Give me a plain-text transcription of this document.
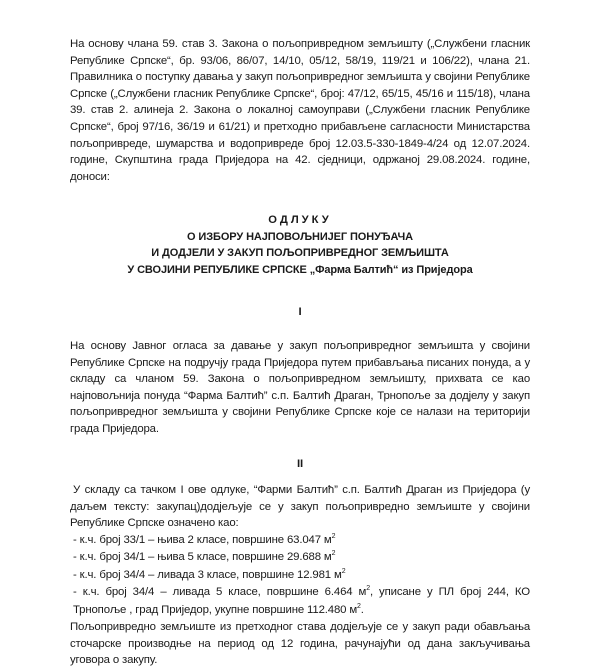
На основу члана 59. став 3. Закона о пољопривредном земљишту („Службени гласник Републике Српске“, бр. 93/06, 86/07, 14/10, 05/12, 58/19, 119/21 и 106/22), члана 21. Правилника о поступку давања у закуп пољопривредног земљишта у својини Републике Српске („Службени гласник Републике Српске“, број: 47/12, 65/15, 45/16 и 115/18), члана 39. став 2. алинеја 2. Закона о локалној самоуправи („Службени гласник Републике Српске“, број 97/16, 36/19 и 61/21) и претходно прибављене сагласности Министарства пољопривреде, шумарства и водопривреде број 12.03.5-330-1849-4/24 од 12.07.2024. године, Скупштина града Приједора на 42. сједници, одржаној 29.08.2024. године, доноси:

ОДЛУКУ
О ИЗБОРУ НАЈПОВОЉНИЈЕГ ПОНУЂАЧА
И ДОДЈЕЛИ У ЗАКУП ПОЉОПРИВРЕДНОГ ЗЕМЉИШТА
У СВОЈИНИ РЕПУБЛИКЕ СРПСКЕ „Фарма Балтић“ из Приједора

I

На основу Јавног огласа за давање у закуп пољопривредног земљишта у својини Републике Српске на подручју града Приједора путем прибављања писаних понуда, а у складу са чланом 59. Закона о пољопривредном земљишту, прихвата се као најповољнија понуда “Фарма Балтић” с.п. Балтић Драган, Трнопоље за додјелу у закуп пољопривредног земљишта у својини Републике Српске које се налази на територији града Приједора.

II

У складу са тачком I ове одлуке, “Фарми Балтић” с.п. Балтић Драган из Приједора (у даљем тексту: закупац)додјељује се у закуп пољопривредно земљиште у својини Републике Српске означено као:

- к.ч. број 33/1 – њива 2 класе, површине 63.047 $м^2$
- к.ч. број 34/1 – њива 5 класе, површине 29.688 $м^2$
- к.ч. број 34/4 – ливада 3 класе, површине 12.981 $м^2$
- к.ч. број 34/4 – ливада 5 класе, површине 6.464 $м^2$, уписане у ПЛ број 244, КО Трнопоље , град Приједор, укупне површине 112.480 $м^2$.

Пољопривредно земљиште из претходног става додјељује се у закуп ради обављања сточарске производње на период од 12 година, рачунајући од дана закључивања уговора о закупу.
